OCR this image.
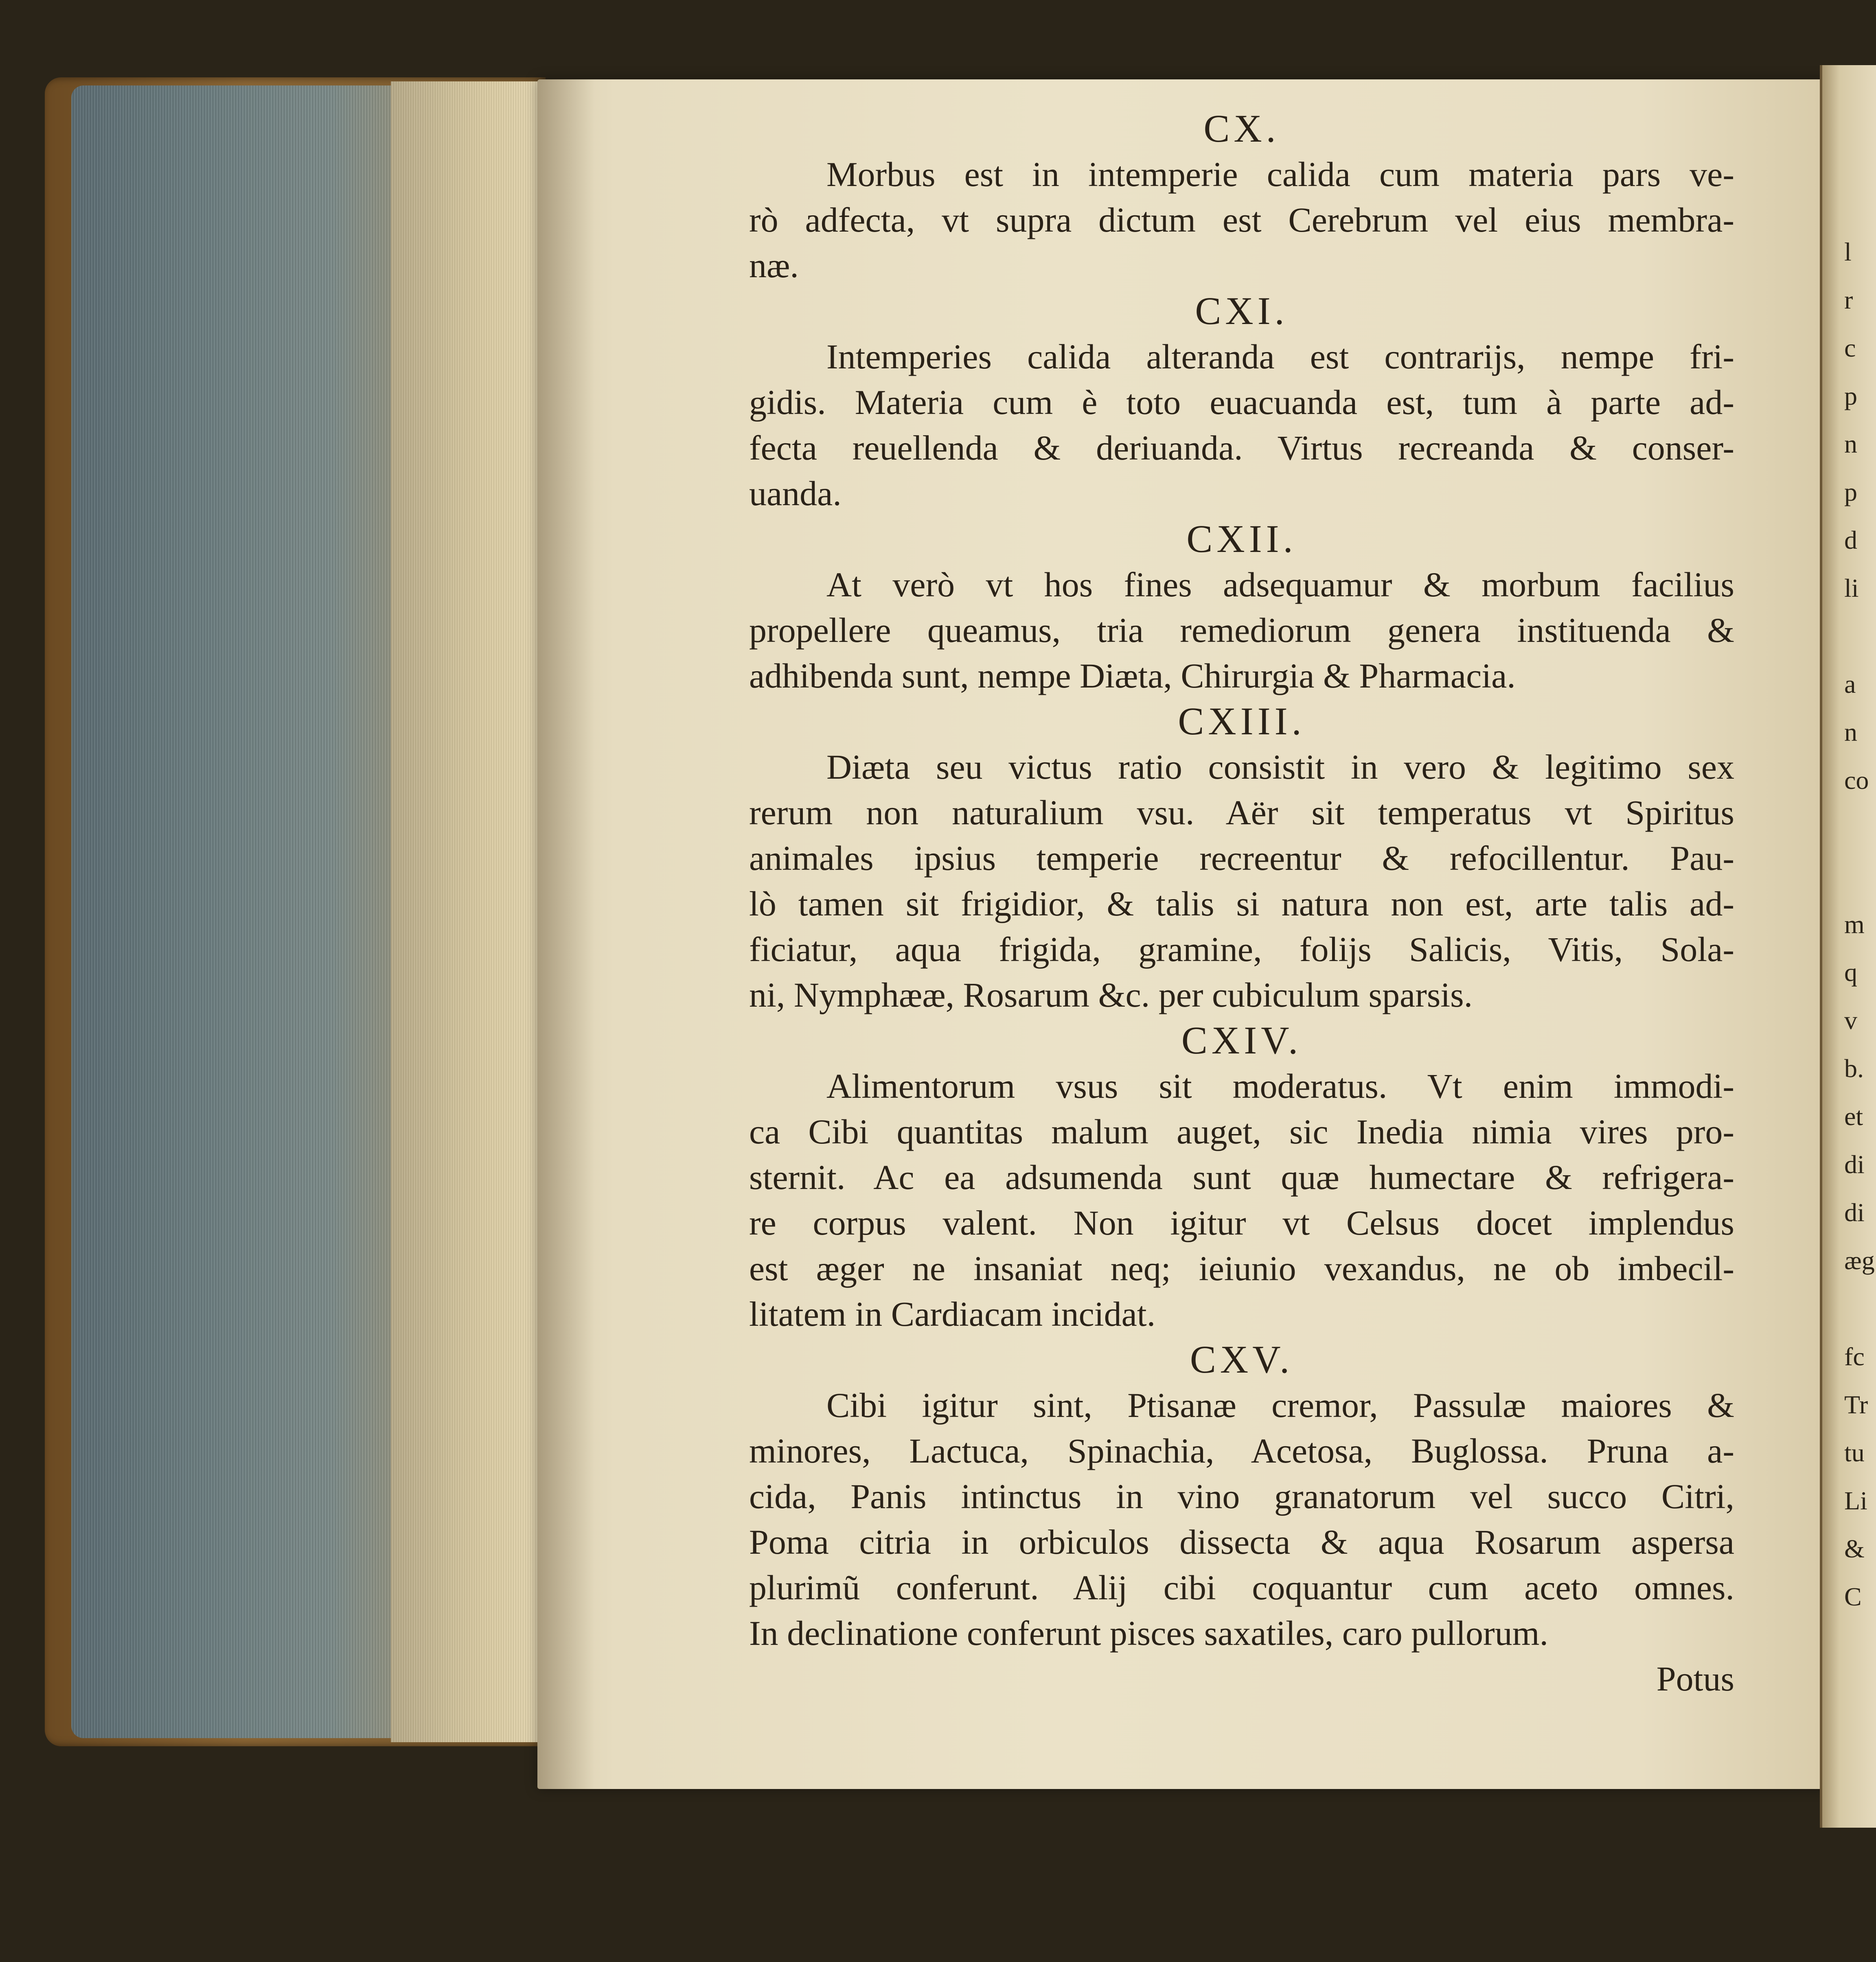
l
r
c
p
n
p
d
li
a
n
co
m
q
v
b.
et
di
di
æg
fc
Tr
tu
Li
&
C
CX.
Morbus est in intemperie calida cum materia pars ve-
rò adfecta, vt supra dictum est Cerebrum vel eius membra-
næ.
CXI.
Intemperies calida alteranda est contrarijs, nempe fri-
gidis. Materia cum è toto euacuanda est, tum à parte ad-
fecta reuellenda & deriuanda. Virtus recreanda & conser-
uanda.
CXII.
At verò vt hos fines adsequamur & morbum facilius
propellere queamus, tria remediorum genera instituenda &
adhibenda sunt, nempe Diæta, Chirurgia & Pharmacia.
CXIII.
Diæta seu victus ratio consistit in vero & legitimo sex
rerum non naturalium vsu. Aër sit temperatus vt Spiritus
animales ipsius temperie recreentur & refocillentur. Pau-
lò tamen sit frigidior, & talis si natura non est, arte talis ad-
ficiatur, aqua frigida, gramine, folijs Salicis, Vitis, Sola-
ni, Nymphææ, Rosarum &c. per cubiculum sparsis.
CXIV.
Alimentorum vsus sit moderatus. Vt enim immodi-
ca Cibi quantitas malum auget, sic Inedia nimia vires pro-
sternit. Ac ea adsumenda sunt quæ humectare & refrigera-
re corpus valent. Non igitur vt Celsus docet implendus
est æger ne insaniat neq; ieiunio vexandus, ne ob imbecil-
litatem in Cardiacam incidat.
CXV.
Cibi igitur sint, Ptisanæ cremor, Passulæ maiores &
minores, Lactuca, Spinachia, Acetosa, Buglossa. Pruna a-
cida, Panis intinctus in vino granatorum vel succo Citri,
Poma citria in orbiculos dissecta & aqua Rosarum aspersa
plurimũ conferunt. Alij cibi coquantur cum aceto omnes.
In declinatione conferunt pisces saxatiles, caro pullorum.
Potus
